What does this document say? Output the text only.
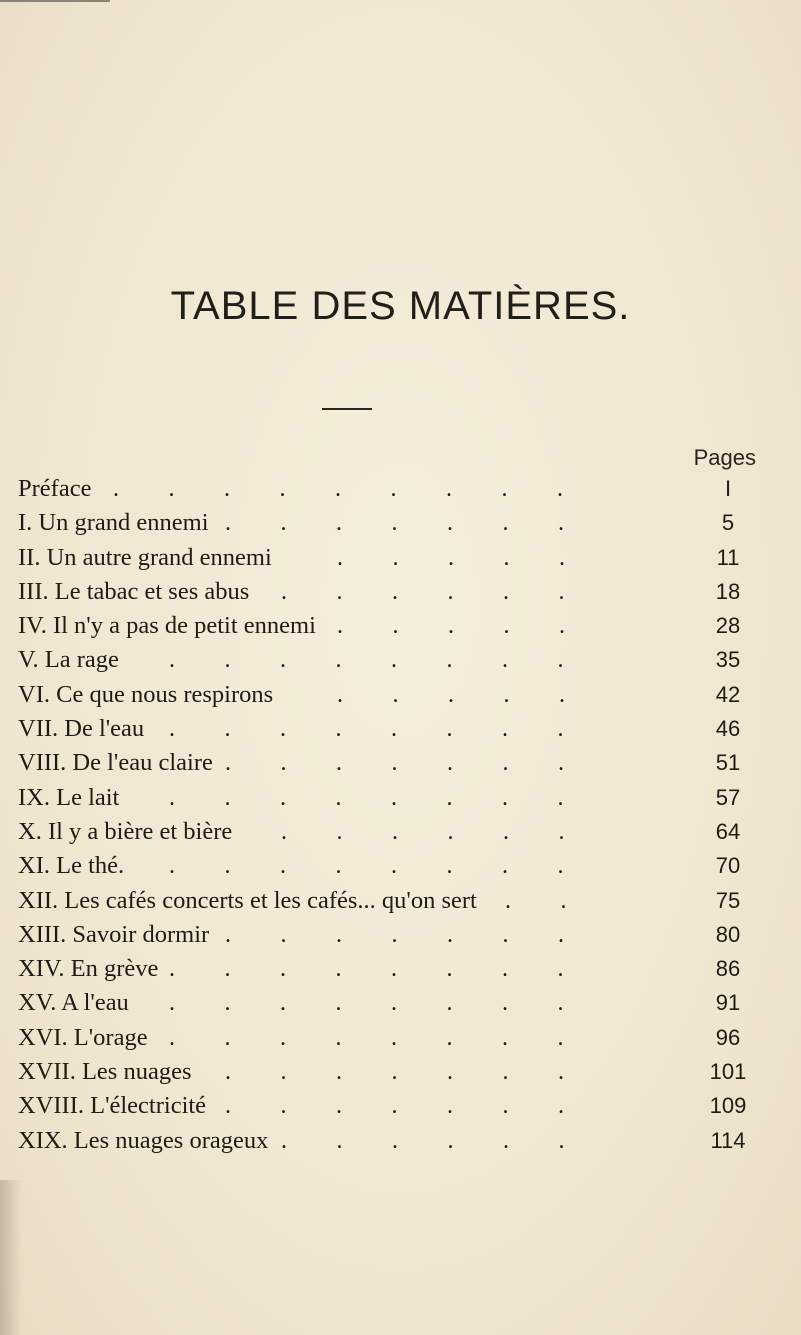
TABLE DES MATIÈRES.
Pages
Préface .........	I
I. Un grand ennemi .......	5
II. Un autre grand ennemi	.....	11
III. Le tabac et ses abus ......	18
IV. Il n'y a pas de petit ennemi .....	28
V. La rage ........	35
VI. Ce que nous respirons	.....	42
VII. De l'eau ........	46
VIII. De l'eau claire .......	51
IX. Le lait ........	57
X. Il y a bière et bière ......	64
XI. Le thé. ........	70
XII. Les cafés concerts et les cafés... qu'on sert ..	75
XIII. Savoir dormir .......	80
XIV. En grève ........	86
XV. A l'eau ........	91
XVI. L'orage ........	96
XVII. Les nuages .......	101
XVIII. L'électricité .......	109
XIX. Les nuages orageux ......	114
